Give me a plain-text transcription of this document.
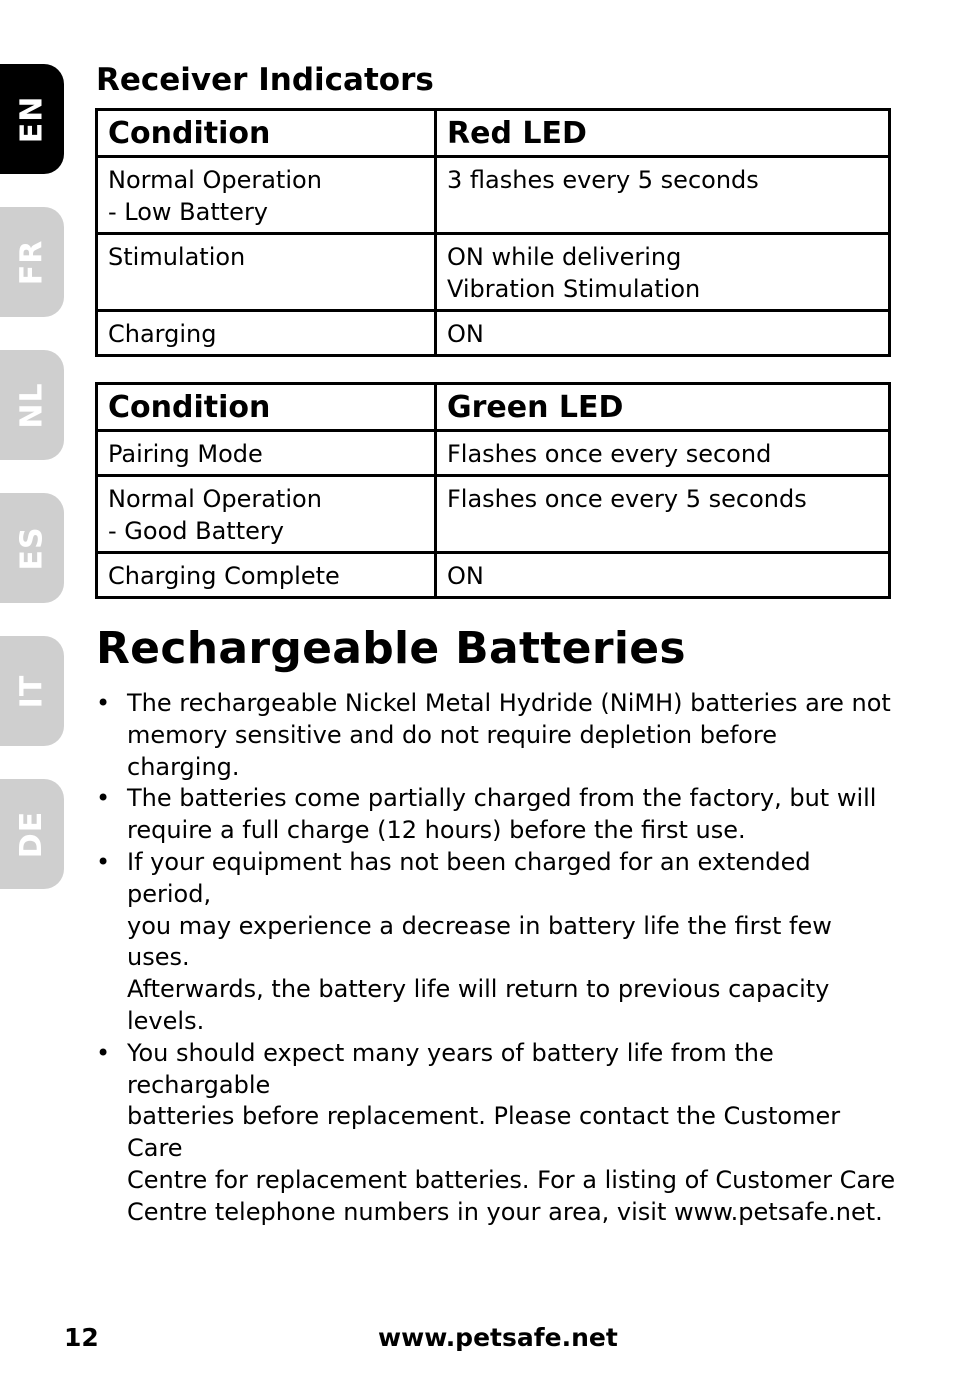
EN
FR
NL
ES
IT
DE
Receiver Indicators
Condition	Red LED

Normal Operation
- Low Battery	3 flashes every 5 seconds

Stimulation	ON while delivering
Vibration Stimulation

Charging	ON
Condition	Green LED

Pairing Mode	Flashes once every second

Normal Operation
- Good Battery	Flashes once every 5 seconds

Charging Complete	ON
Rechargeable Batteries
• The rechargeable Nickel Metal Hydride (NiMH) batteries are not
memory sensitive and do not require depletion before charging.
• The batteries come partially charged from the factory, but will
require a full charge (12 hours) before the first use.
• If your equipment has not been charged for an extended period,
you may experience a decrease in battery life the first few uses.
Afterwards, the battery life will return to previous capacity levels.
• You should expect many years of battery life from the rechargable
batteries before replacement. Please contact the Customer Care
Centre for replacement batteries. For a listing of Customer Care
Centre telephone numbers in your area, visit www.petsafe.net.
12	www.petsafe.net
